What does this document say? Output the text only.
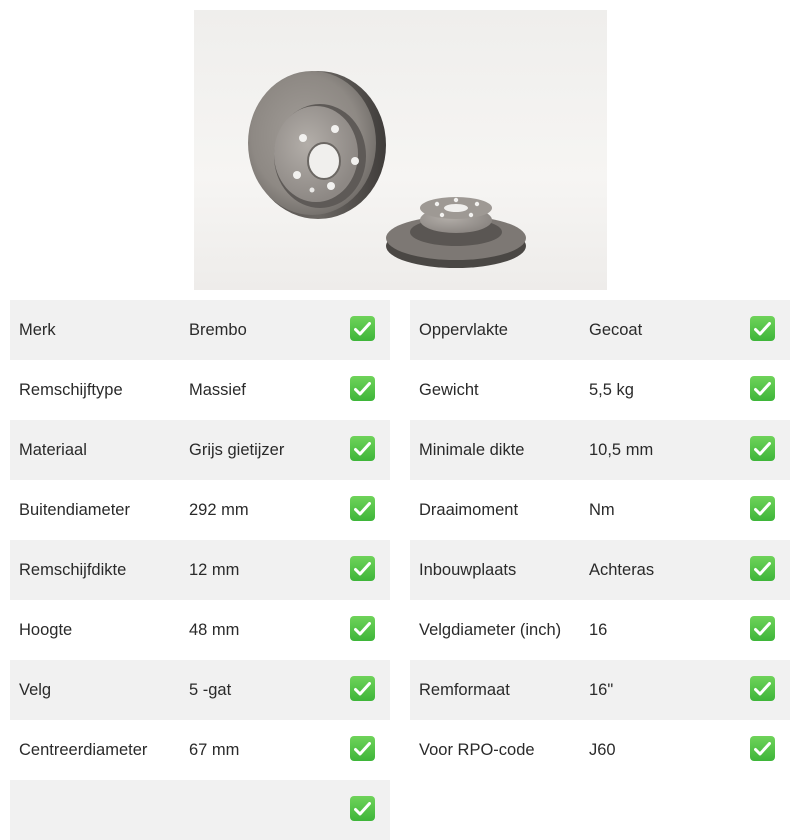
Merk	Brembo
Remschijftype	Massief
Materiaal	Grijs gietijzer
Buitendiameter	292 mm
Remschijfdikte	12 mm
Hoogte	48 mm
Velg	5 -gat
Centreerdiameter	67 mm
Oppervlakte	Gecoat
Gewicht	5,5 kg
Minimale dikte	10,5 mm
Draaimoment	Nm
Inbouwplaats	Achteras
Velgdiameter (inch) 16
Remformaat	16"
Voor RPO-code	J60
